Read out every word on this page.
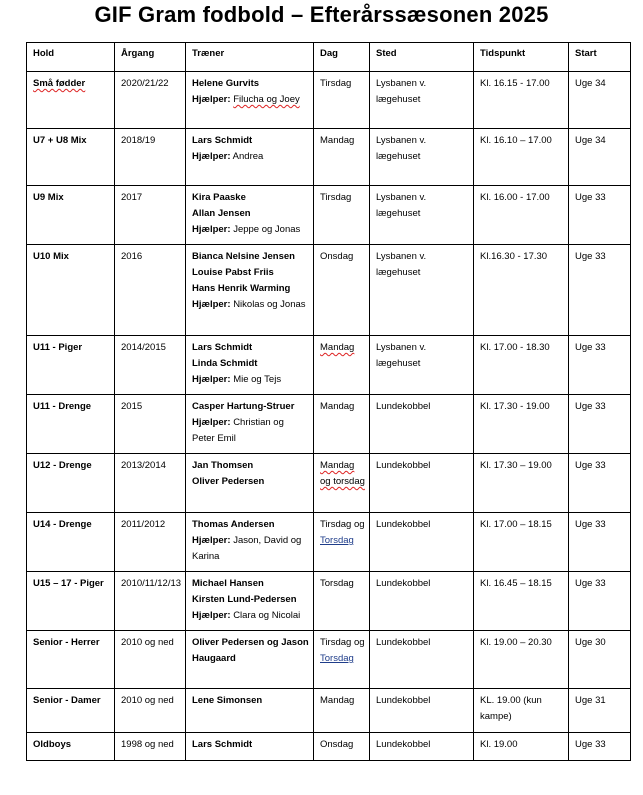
GIF Gram fodbold – Efterårssæsonen 2025
Hold	Årgang	Træner	Dag	Sted	Tidspunkt	Start

Små fødder	2020/21/22	Helene Gurvits
Hjælper: Filucha og Joey	Tirsdag	Lysbanen v. lægehuset	Kl. 16.15 - 17.00	Uge 34

U7 + U8 Mix	2018/19	Lars Schmidt
Hjælper: Andrea	Mandag	Lysbanen v. lægehuset	Kl. 16.10 – 17.00	Uge 34

U9 Mix	2017	Kira Paaske
Allan Jensen
Hjælper: Jeppe og Jonas	Tirsdag	Lysbanen v. lægehuset	Kl. 16.00 - 17.00	Uge 33

U10 Mix	2016	Bianca Nelsine Jensen
Louise Pabst Friis
Hans Henrik Warming
Hjælper: Nikolas og Jonas	Onsdag	Lysbanen v. lægehuset	Kl.16.30 - 17.30	Uge 33

U11 - Piger	2014/2015	Lars Schmidt
Linda Schmidt
Hjælper: Mie og Tejs	Mandag	Lysbanen v. lægehuset	Kl. 17.00 - 18.30	Uge 33

U11 - Drenge	2015	Casper Hartung-Struer
Hjælper: Christian og Peter Emil	Mandag	Lundekobbel	Kl. 17.30 - 19.00	Uge 33

U12 - Drenge	2013/2014	Jan Thomsen
Oliver Pedersen	Mandag og torsdag	Lundekobbel	Kl. 17.30 – 19.00	Uge 33

U14 - Drenge	2011/2012	Thomas Andersen
Hjælper: Jason, David og Karina	Tirsdag og Torsdag	Lundekobbel	Kl. 17.00 – 18.15	Uge 33

U15 – 17 - Piger	2010/11/12/13	Michael Hansen
Kirsten Lund-Pedersen
Hjælper: Clara og Nicolai	Torsdag	Lundekobbel	Kl. 16.45 – 18.15	Uge 33

Senior - Herrer	2010 og ned	Oliver Pedersen og Jason Haugaard	Tirsdag og Torsdag	Lundekobbel	Kl. 19.00 – 20.30	Uge 30

Senior - Damer	2010 og ned	Lene Simonsen	Mandag	Lundekobbel	KL. 19.00 (kun kampe)	Uge 31

Oldboys	1998 og ned	Lars Schmidt	Onsdag	Lundekobbel	Kl. 19.00	Uge 33
